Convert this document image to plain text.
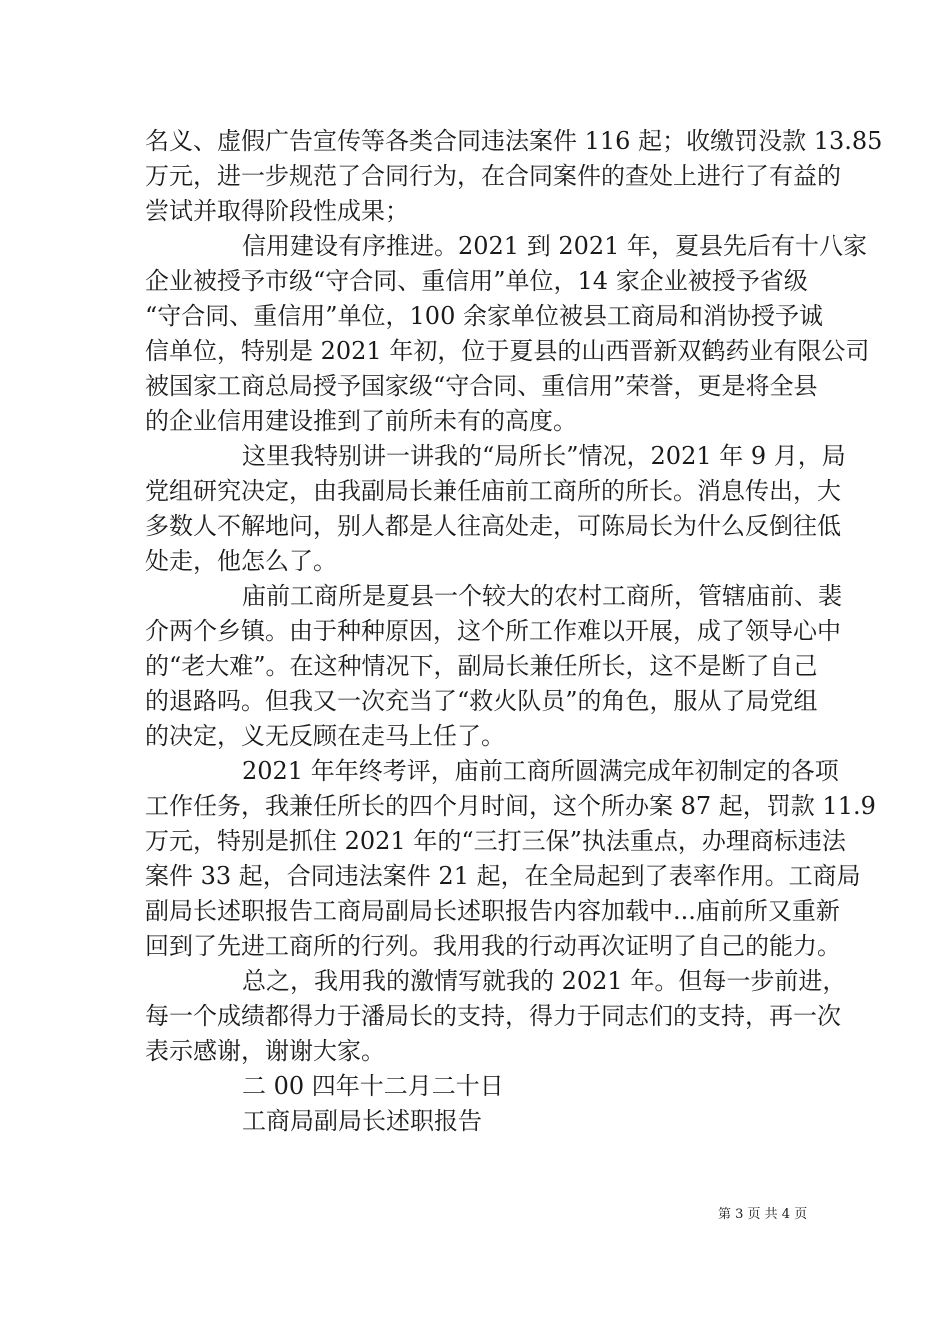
名义、虚假广告宣传等各类合同违法案件 116 起；收缴罚没款 13.85
万元，进一步规范了合同行为，在合同案件的查处上进行了有益的
尝试并取得阶段性成果；
信用建设有序推进。2021 到 2021 年，夏县先后有十八家
企业被授予市级“守合同、重信用”单位，14 家企业被授予省级
“守合同、重信用”单位，100 余家单位被县工商局和消协授予诚
信单位，特别是 2021 年初，位于夏县的山西晋新双鹤药业有限公司
被国家工商总局授予国家级“守合同、重信用”荣誉，更是将全县
的企业信用建设推到了前所未有的高度。
这里我特别讲一讲我的“局所长”情况，2021 年 9 月，局
党组研究决定，由我副局长兼任庙前工商所的所长。消息传出，大
多数人不解地问，别人都是人往高处走，可陈局长为什么反倒往低
处走，他怎么了。
庙前工商所是夏县一个较大的农村工商所，管辖庙前、裴
介两个乡镇。由于种种原因，这个所工作难以开展，成了领导心中
的“老大难”。在这种情况下，副局长兼任所长，这不是断了自己
的退路吗。但我又一次充当了“救火队员”的角色，服从了局党组
的决定，义无反顾在走马上任了。
2021 年年终考评，庙前工商所圆满完成年初制定的各项
工作任务，我兼任所长的四个月时间，这个所办案 87 起，罚款 11.9
万元，特别是抓住 2021 年的“三打三保”执法重点，办理商标违法
案件 33 起，合同违法案件 21 起，在全局起到了表率作用。工商局
副局长述职报告工商局副局长述职报告内容加载中...庙前所又重新
回到了先进工商所的行列。我用我的行动再次证明了自己的能力。
总之，我用我的激情写就我的 2021 年。但每一步前进，
每一个成绩都得力于潘局长的支持，得力于同志们的支持，再一次
表示感谢，谢谢大家。
二 00 四年十二月二十日
工商局副局长述职报告
第 3 页 共 4 页
